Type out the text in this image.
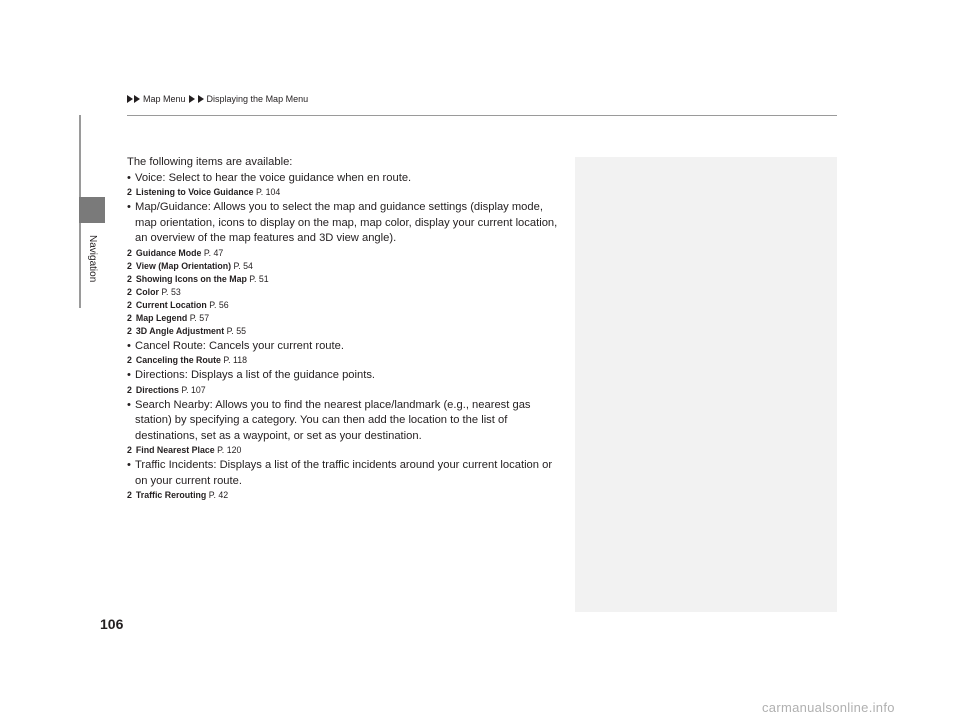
Navigation
Map Menu Displaying the Map Menu

The following items are available:

• Voice: Select to hear the voice guidance when en route.

2 Listening to Voice Guidance P. 104

• Map/Guidance: Allows you to select the map and guidance settings (display mode, map orientation, icons to display on the map, map color, display your current location, an overview of the map features and 3D view angle).

2 Guidance Mode P. 47

2 View (Map Orientation) P. 54

2 Showing Icons on the Map P. 51

2 Color P. 53

2 Current Location P. 56

2 Map Legend P. 57

2 3D Angle Adjustment P. 55

• Cancel Route: Cancels your current route.

2 Canceling the Route P. 118

• Directions: Displays a list of the guidance points.

2 Directions P. 107

• Search Nearby: Allows you to find the nearest place/landmark (e.g., nearest gas station) by specifying a category. You can then add the location to the list of destinations, set as a waypoint, or set as your destination.

2 Find Nearest Place P. 120

• Traffic Incidents: Displays a list of the traffic incidents around your current location or on your current route.

2 Traffic Rerouting P. 42

106
carmanualsonline.info
